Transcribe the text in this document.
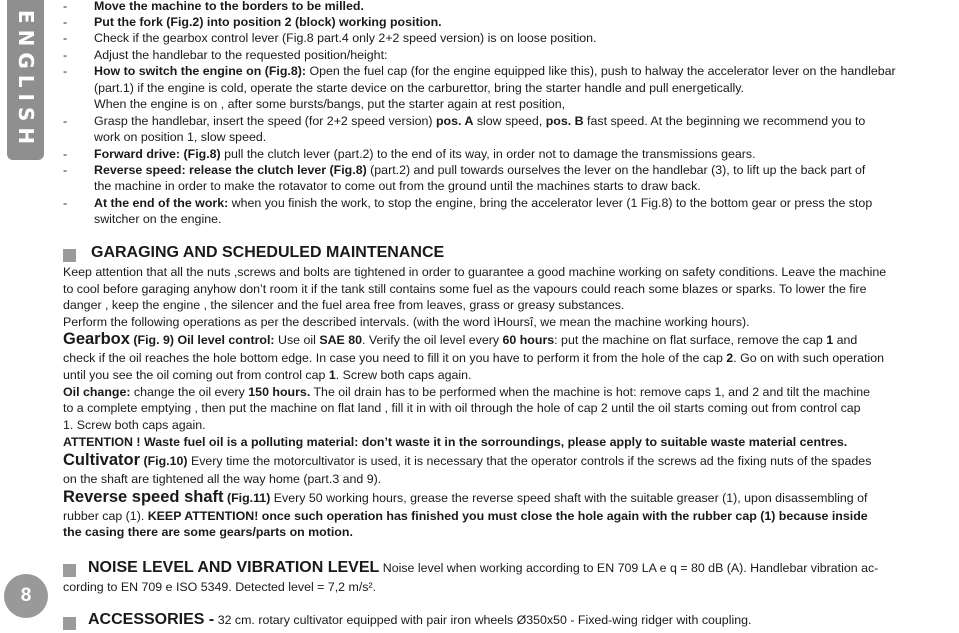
ENGLISH
8
- Move the machine to the borders to be milled.
- Put the fork (Fig.2) into position 2 (block) working position.
- Check if the gearbox control lever (Fig.8 part.4 only 2+2 speed version) is on loose position.
- Adjust the handlebar to the requested position/height:
- How to switch the engine on (Fig.8): Open the fuel cap (for the engine equipped like this), push to halway the accelerator lever on the handlebar
(part.1) if the engine is cold, operate the starte device on the carburettor, bring the starter handle and pull energetically.
When the engine is on , after some bursts/bangs, put the starter again at rest position,
- Grasp the handlebar, insert the speed (for 2+2 speed version) pos. A slow speed, pos. B fast speed. At the beginning we recommend you to
work on position 1, slow speed.
- Forward drive: (Fig.8) pull the clutch lever (part.2) to the end of its way, in order not to damage the transmissions gears.
- Reverse speed: release the clutch lever (Fig.8) (part.2) and pull towards ourselves the lever on the handlebar (3), to lift up the back part of
the machine in order to make the rotavator to come out from the ground until the machines starts to draw back.
- At the end of the work: when you finish the work, to stop the engine, bring the accelerator lever (1 Fig.8) to the bottom gear or press the stop
switcher on the engine.
GARAGING AND SCHEDULED MAINTENANCE
Keep attention that all the nuts ,screws and bolts are tightened in order to guarantee a good machine working on safety conditions. Leave the machine
to cool before garaging anyhow don’t room it if the tank still contains some fuel as the vapours could reach some blazes or sparks. To lower the fire
danger , keep the engine , the silencer and the fuel area free from leaves, grass or greasy substances.
Perform the following operations as per the described intervals. (with the word ìHoursî, we mean the machine working hours).
Gearbox (Fig. 9) Oil level control: Use oil SAE 80. Verify the oil level every 60 hours: put the machine on flat surface, remove the cap 1 and
check if the oil reaches the hole bottom edge. In case you need to fill it on you have to perform it from the hole of the cap 2. Go on with such operation
until you see the oil coming out from control cap 1. Screw both caps again.
Oil change: change the oil every 150 hours. The oil drain has to be performed when the machine is hot: remove caps 1, and 2 and tilt the machine
to a complete emptying , then put the machine on flat land , fill it in with oil through the hole of cap 2 until the oil starts coming out from control cap
1. Screw both caps again.
ATTENTION ! Waste fuel oil is a polluting material: don’t waste it in the sorroundings, please apply to suitable waste material centres.
Cultivator (Fig.10) Every time the motorcultivator is used, it is necessary that the operator controls if the screws ad the fixing nuts of the spades
on the shaft are tightened all the way home (part.3 and 9).
Reverse speed shaft (Fig.11) Every 50 working hours, grease the reverse speed shaft with the suitable greaser (1), upon disassembling of
rubber cap (1). KEEP ATTENTION! once such operation has finished you must close the hole again with the rubber cap (1) because inside
the casing there are some gears/parts on motion.
NOISE LEVEL AND VIBRATION LEVEL Noise level when working according to EN 709 LA e q = 80 dB (A). Handlebar vibration ac-
cording to EN 709 e ISO 5349. Detected level = 7,2 m/s².
ACCESSORIES - 32 cm. rotary cultivator equipped with pair iron wheels Ø350x50 - Fixed-wing ridger with coupling.
